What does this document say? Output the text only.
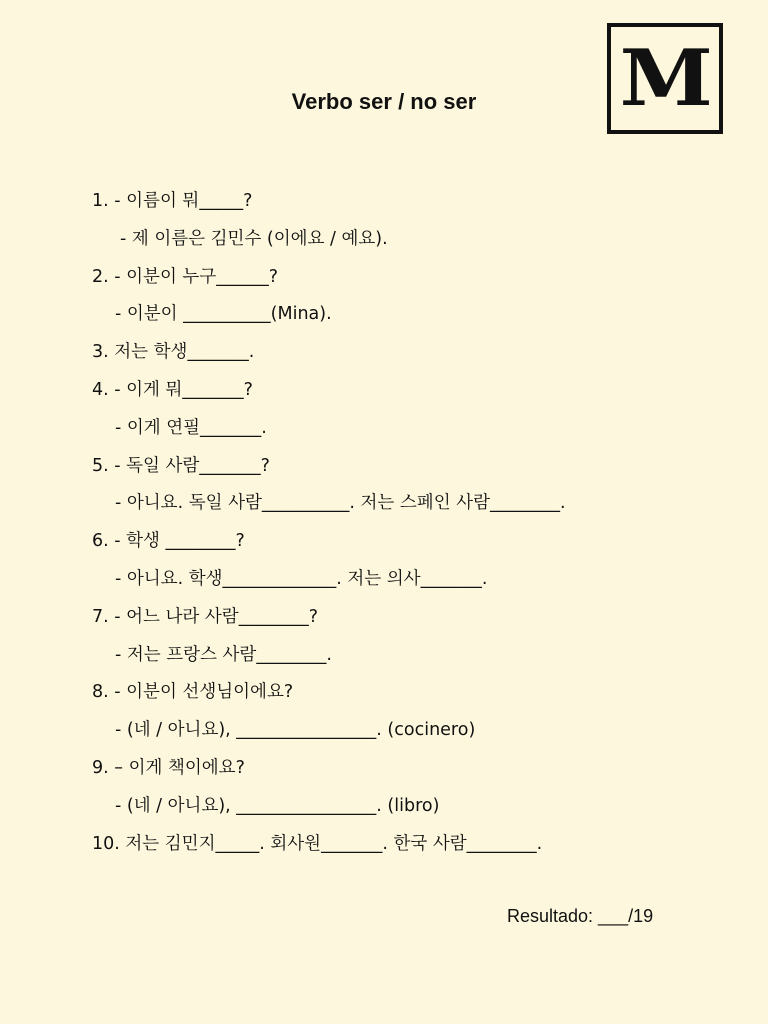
M
Verbo ser / no ser
1. - 이름이 뭐_____?
- 제 이름은 김민수 (이에요 / 예요).
2. - 이분이 누구______?
- 이분이 __________(Mina).
3. 저는 학생_______.
4. - 이게 뭐_______?
- 이게 연필_______.
5. - 독일 사람_______?
- 아니요. 독일 사람__________. 저는 스페인 사람________.
6. - 학생 ________?
- 아니요. 학생_____________. 저는 의사_______.
7. - 어느 나라 사람________?
- 저는 프랑스 사람________.
8. - 이분이 선생님이에요?
- (네 / 아니요), ________________. (cocinero)
9. – 이게 책이에요?
- (네 / 아니요), ________________. (libro)
10. 저는 김민지_____. 회사원_______. 한국 사람________.
Resultado: ___/19
